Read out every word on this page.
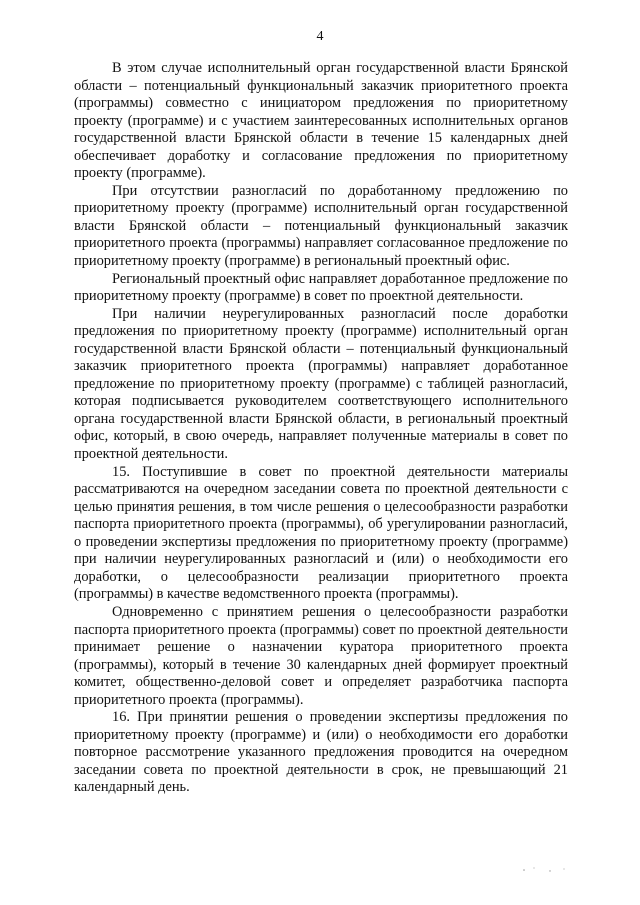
4

В этом случае исполнительный орган государственной власти Брянской области – потенциальный функциональный заказчик приоритетного проекта (программы) совместно с инициатором предложения по приоритетному проекту (программе) и с участием заинтересованных исполнительных органов государственной власти Брянской области в течение 15 календарных дней обеспечивает доработку и согласование предложения по приоритетному проекту (программе).

При отсутствии разногласий по доработанному предложению по приоритетному проекту (программе) исполнительный орган государственной власти Брянской области – потенциальный функциональный заказчик приоритетного проекта (программы) направляет согласованное предложение по приоритетному проекту (программе) в региональный проектный офис.

Региональный проектный офис направляет доработанное предложение по приоритетному проекту (программе) в совет по проектной деятельности.

При наличии неурегулированных разногласий после доработки предложения по приоритетному проекту (программе) исполнительный орган государственной власти Брянской области – потенциальный функциональный заказчик приоритетного проекта (программы) направляет доработанное предложение по приоритетному проекту (программе) с таблицей разногласий, которая подписывается руководителем соответствующего исполнительного органа государственной власти Брянской области, в региональный проектный офис, который, в свою очередь, направляет полученные материалы в совет по проектной деятельности.

15. Поступившие в совет по проектной деятельности материалы рассматриваются на очередном заседании совета по проектной деятельности с целью принятия решения, в том числе решения о целесообразности разработки паспорта приоритетного проекта (программы), об урегулировании разногласий, о проведении экспертизы предложения по приоритетному проекту (программе) при наличии неурегулированных разногласий и (или) о необходимости его доработки, о целесообразности реализации приоритетного проекта (программы) в качестве ведомственного проекта (программы).

Одновременно с принятием решения о целесообразности разработки паспорта приоритетного проекта (программы) совет по проектной деятельности принимает решение о назначении куратора приоритетного проекта (программы), который в течение 30 календарных дней формирует проектный комитет, общественно-деловой совет и определяет разработчика паспорта приоритетного проекта (программы).

16. При принятии решения о проведении экспертизы предложения по приоритетному проекту (программе) и (или) о необходимости его доработки повторное рассмотрение указанного предложения проводится на очередном заседании совета по проектной деятельности в срок, не превышающий 21 календарный день.
